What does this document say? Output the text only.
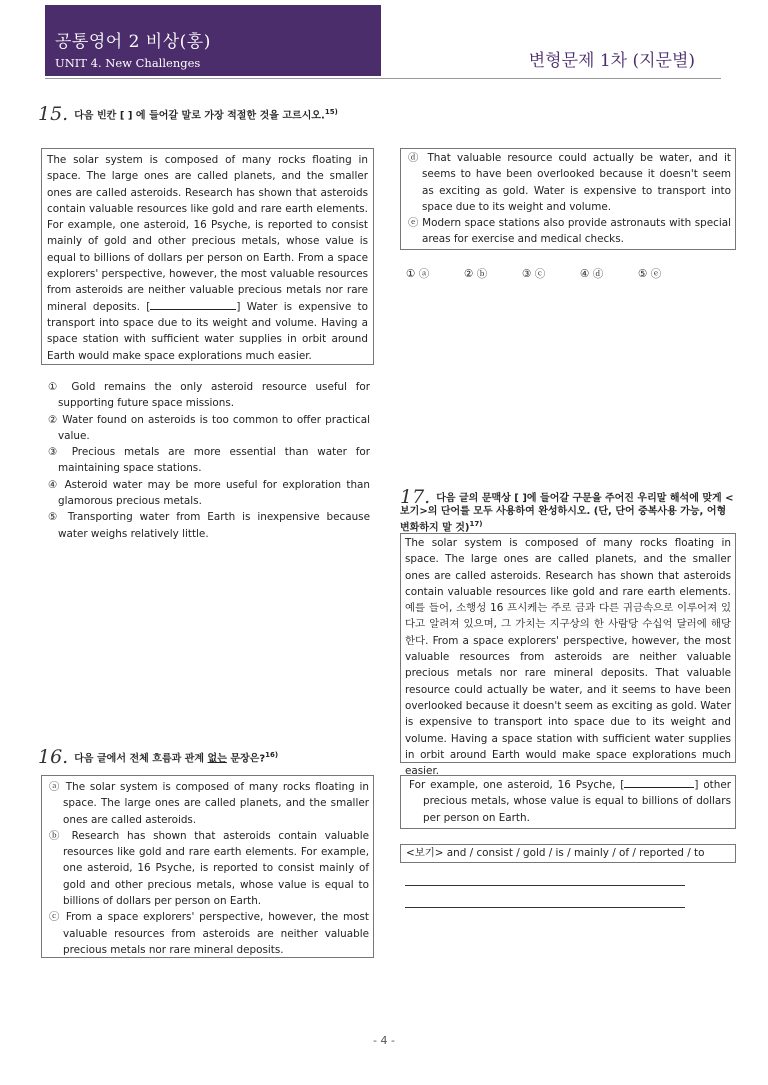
공통영어 2 비상(홍)
UNIT 4. New Challenges	변형문제 1차 (지문별)
15. 다음 빈칸 [ ] 에 들어갈 말로 가장 적절한 것을 고르시오.$^{15)}$
The solar system is composed of many rocks floating in space. The large ones are called planets, and the smaller ones are called asteroids. Research has shown that asteroids contain valuable resources like gold and rare earth elements. For example, one asteroid, 16 Psyche, is reported to consist mainly of gold and other precious metals, whose value is equal to billions of dollars per person on Earth. From a space explorers' perspective, however, the most valuable resources from asteroids are neither valuable precious metals nor rare mineral deposits. [	] Water is expensive to transport into space due to its weight and volume. Having a space station with sufficient water supplies in orbit around Earth would make space explorations much easier.

① Gold remains the only asteroid resource useful for supporting future space missions.

② Water found on asteroids is too common to offer practical value.

③ Precious metals are more essential than water for maintaining space stations.

④ Asteroid water may be more useful for exploration than glamorous precious metals.

⑤ Transporting water from Earth is inexpensive because water weighs relatively little.

16. 다음 글에서 전체 흐름과 관계 없는 문장은?$^{16)}$

ⓐ The solar system is composed of many rocks floating in space. The large ones are called planets, and the smaller ones are called asteroids.

ⓑ Research has shown that asteroids contain valuable resources like gold and rare earth elements. For example, one asteroid, 16 Psyche, is reported to consist mainly of gold and other precious metals, whose value is equal to billions of dollars per person on Earth.

ⓒ From a space explorers' perspective, however, the most valuable resources from asteroids are neither valuable precious metals nor rare mineral deposits.

ⓓ That valuable resource could actually be water, and it seems to have been overlooked because it doesn't seem as exciting as gold. Water is expensive to transport into space due to its weight and volume.

ⓔ Modern space stations also provide astronauts with special areas for exercise and medical checks.

① ⓐ	② ⓑ	③ ⓒ	④ ⓓ	⑤ ⓔ
17. 다음 글의 문맥상 [ ]에 들어갈 구문을 주어진 우리말 해석에 맞게 <보기>의 단어를 모두 사용하여 완성하시오. (단, 단어 중복사용 가능, 어형 변화하지 말 것)$^{17)}$
The solar system is composed of many rocks floating in space. The large ones are called planets, and the smaller ones are called asteroids. Research has shown that asteroids contain valuable resources like gold and rare earth elements. 예를 들어, 소행성 16 프시케는 주로 금과 다른 귀금속으로 이루어져 있다고 알려져 있으며, 그 가치는 지구상의 한 사람당 수십억 달러에 해당한다. From a space explorers' perspective, however, the most valuable resources from asteroids are neither valuable precious metals nor rare mineral deposits. That valuable resource could actually be water, and it seems to have been overlooked because it doesn't seem as exciting as gold. Water is expensive to transport into space due to its weight and volume. Having a space station with sufficient water supplies in orbit around Earth would make space explorations much easier.

For example, one asteroid, 16 Psyche, [	] other precious metals, whose value is equal to billions of dollars per person on Earth.

<보기> and / consist / gold / is / mainly / of / reported / to
- 4 -
